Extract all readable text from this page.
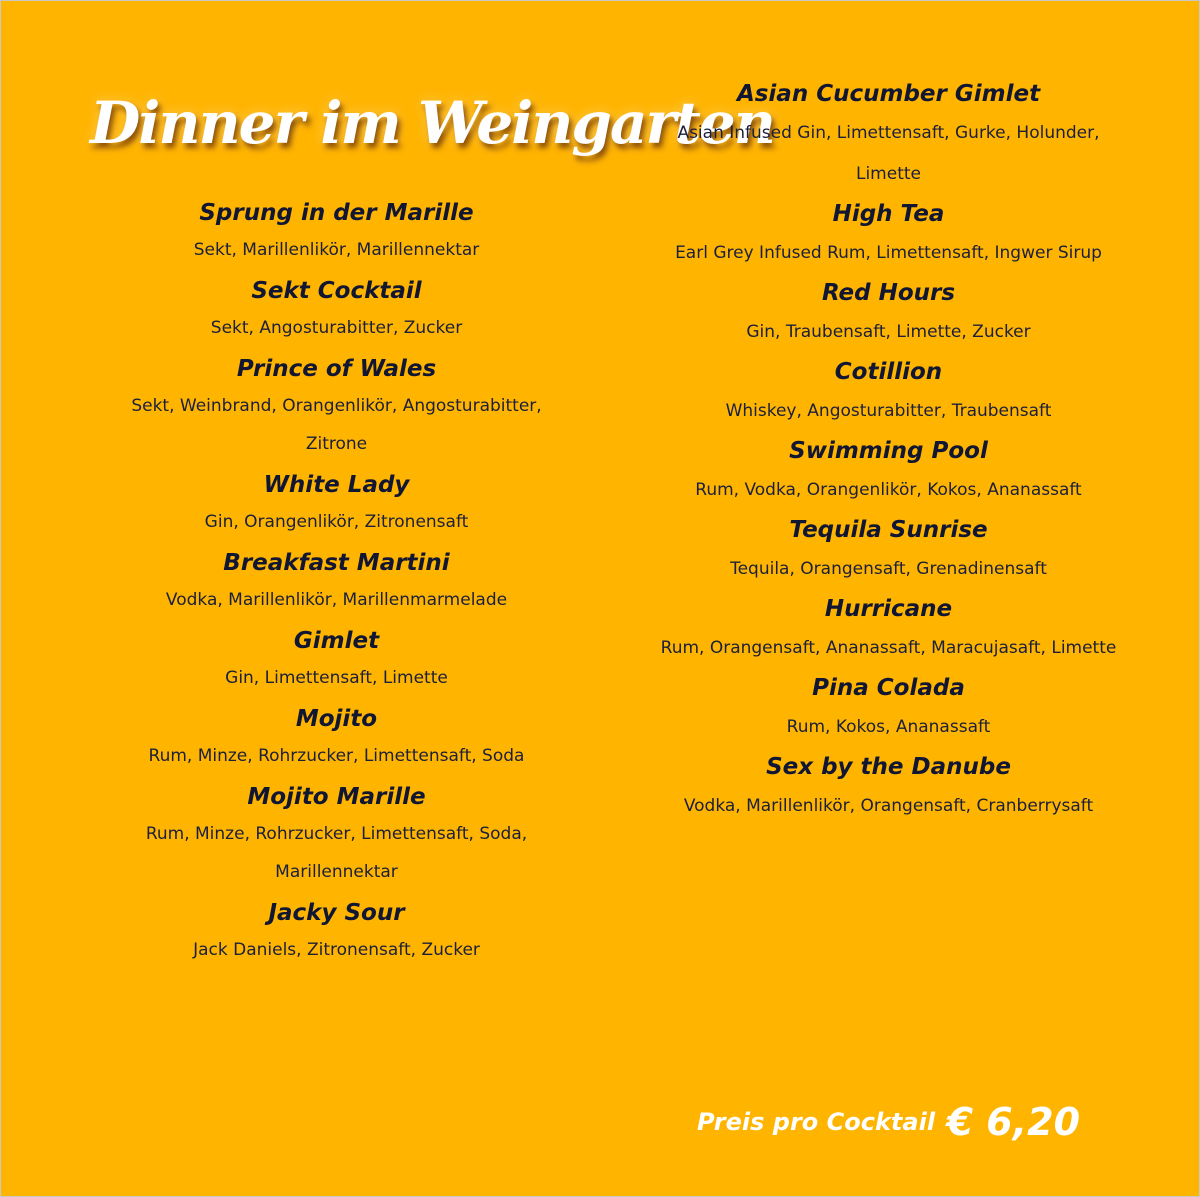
Dinner im Weingarten
Sprung in der Marille
Sekt, Marillenlikör, Marillennektar
Sekt Cocktail
Sekt, Angosturabitter, Zucker
Prince of Wales
Sekt, Weinbrand, Orangenlikör, Angosturabitter, Zitrone
White Lady
Gin, Orangenlikör, Zitronensaft
Breakfast Martini
Vodka, Marillenlikör, Marillenmarmelade
Gimlet
Gin, Limettensaft, Limette
Mojito
Rum, Minze, Rohrzucker, Limettensaft, Soda
Mojito Marille
Rum, Minze, Rohrzucker, Limettensaft, Soda, Marillennektar
Jacky Sour
Jack Daniels, Zitronensaft, Zucker
Asian Cucumber Gimlet
Asian Infused Gin, Limettensaft, Gurke, Holunder, Limette
High Tea
Earl Grey Infused Rum, Limettensaft, Ingwer Sirup
Red Hours
Gin, Traubensaft, Limette, Zucker
Cotillion
Whiskey, Angosturabitter, Traubensaft
Swimming Pool
Rum, Vodka, Orangenlikör, Kokos, Ananassaft
Tequila Sunrise
Tequila, Orangensaft, Grenadinensaft
Hurricane
Rum, Orangensaft, Ananassaft, Maracujasaft, Limette
Pina Colada
Rum, Kokos, Ananassaft
Sex by the Danube
Vodka, Marillenlikör, Orangensaft, Cranberrysaft
Preis pro Cocktail € 6,20
